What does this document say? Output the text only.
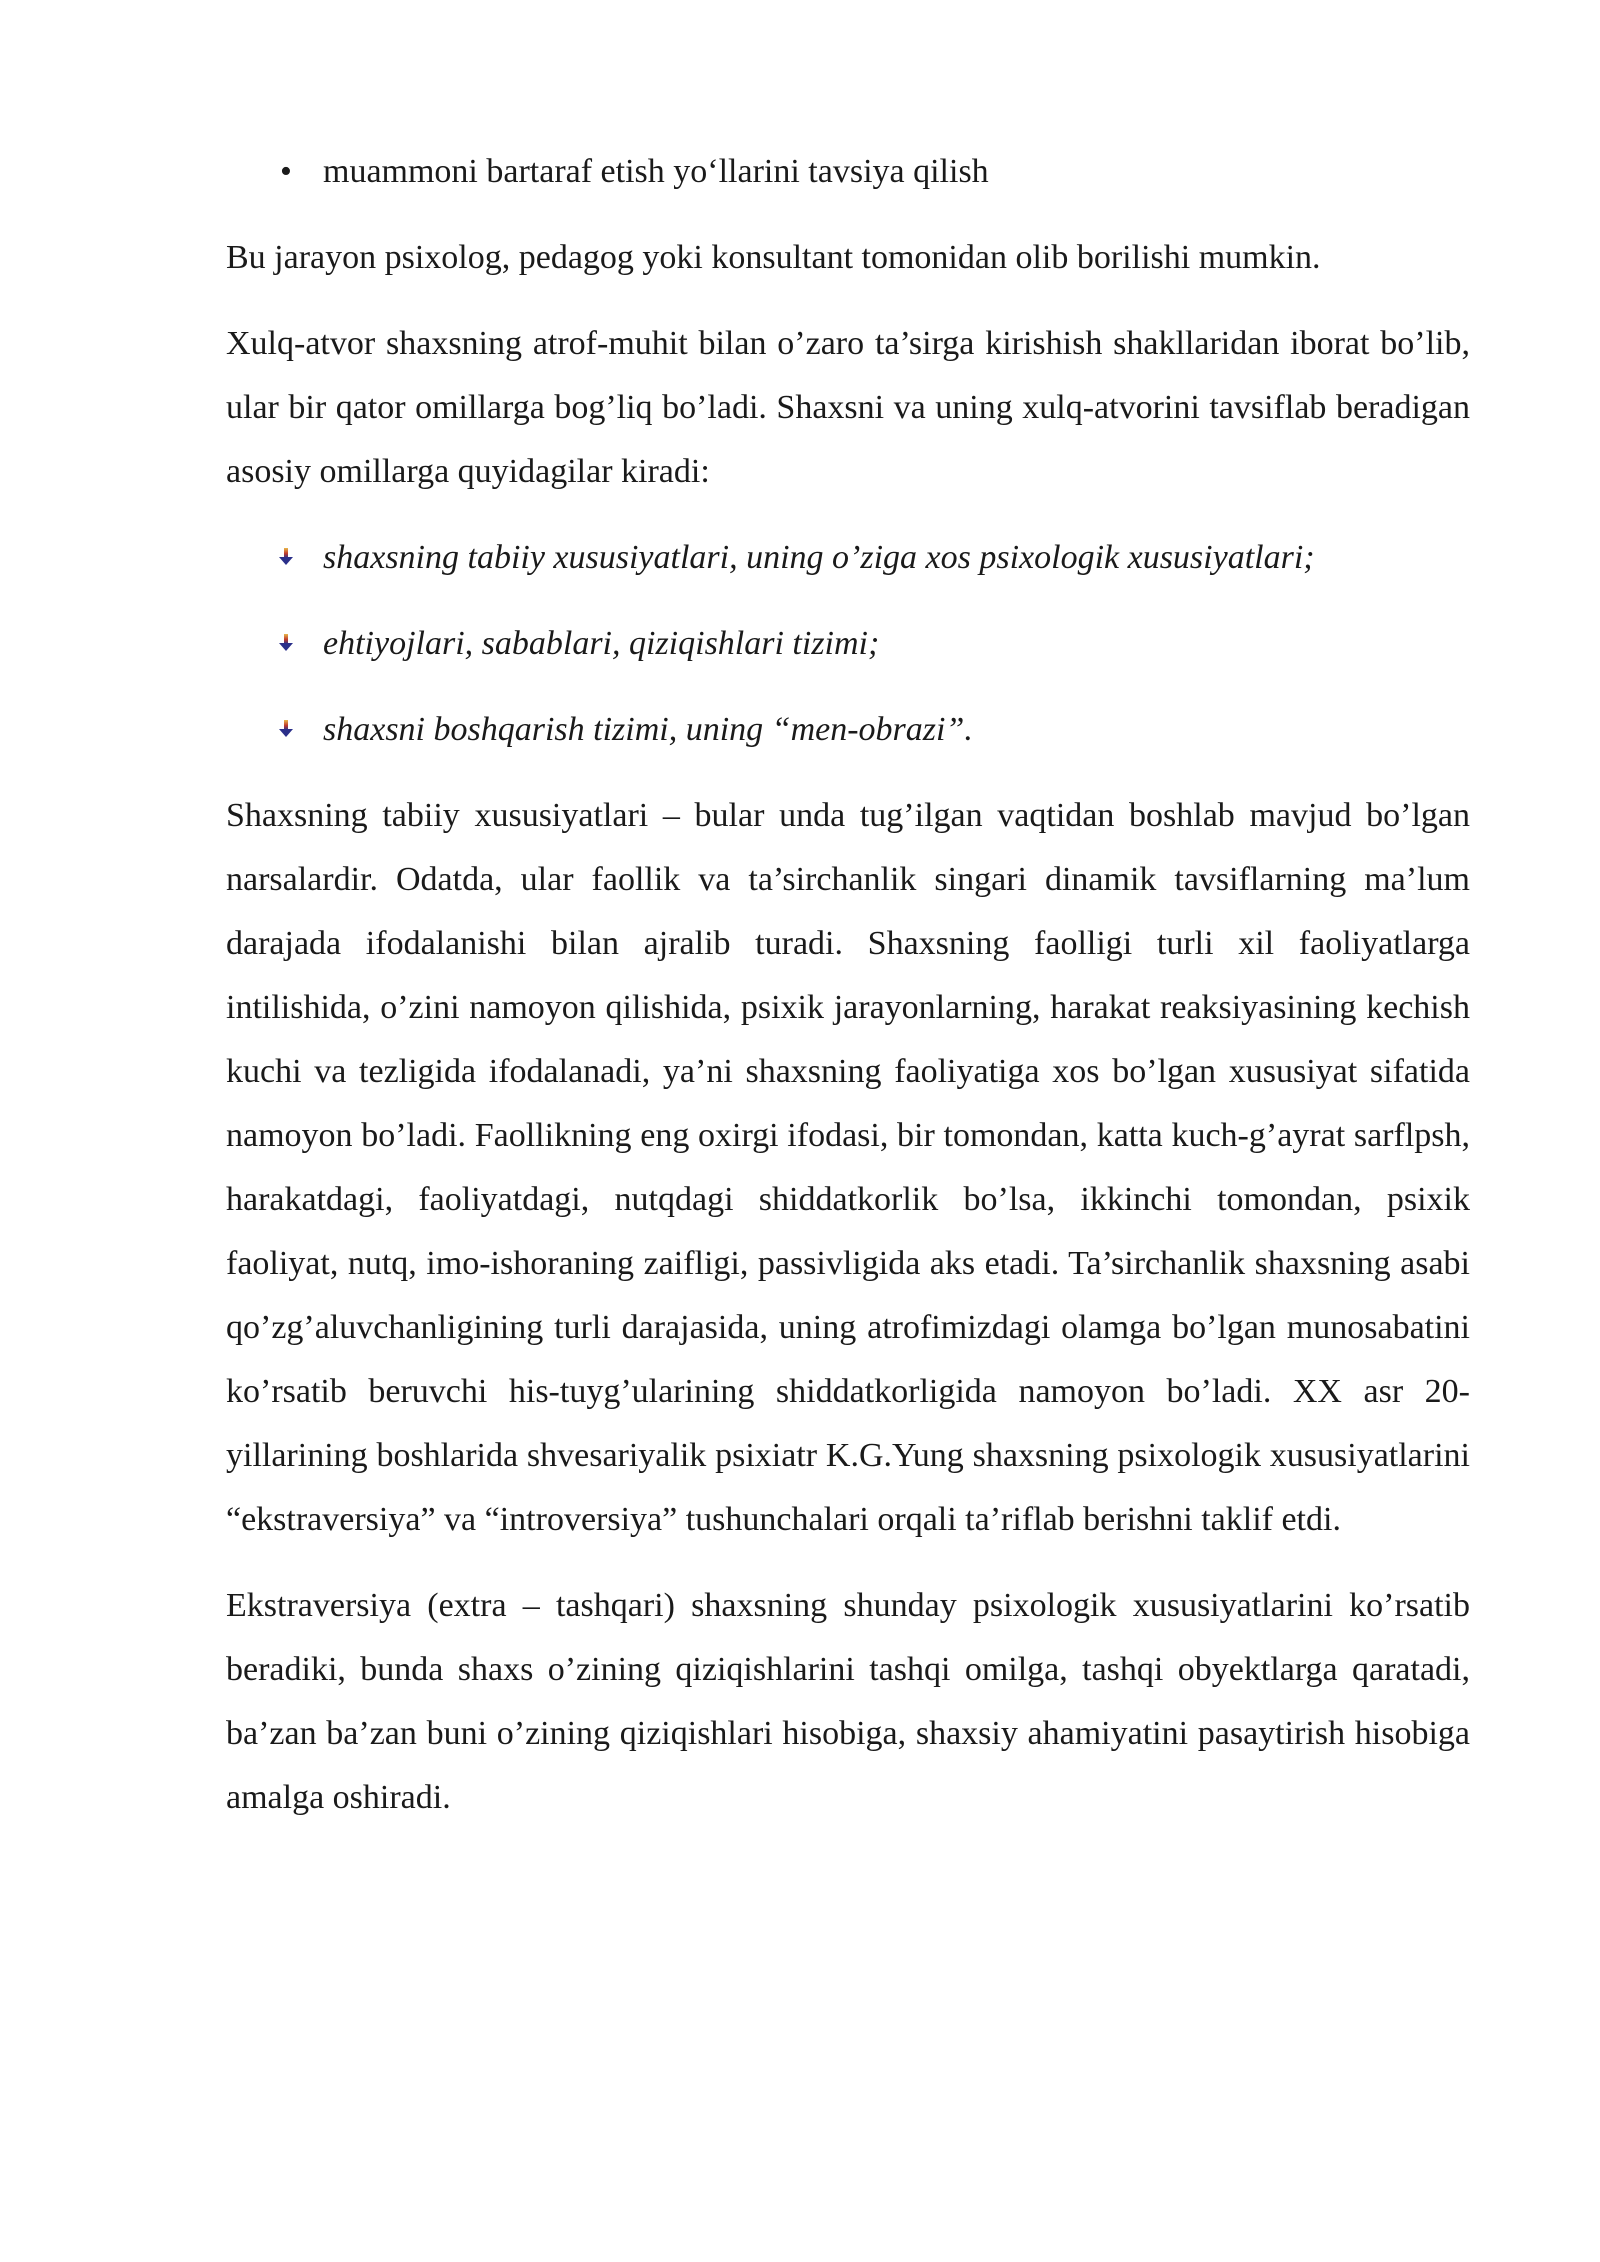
• muammoni bartaraf etish yo‘llarini tavsiya qilish

Bu jarayon psixolog, pedagog yoki konsultant tomonidan olib borilishi mumkin.

Xulq-atvor shaxsning atrof-muhit bilan o’zaro ta’sirga kirishish shakllaridan iborat bo’lib, ular bir qator omillarga bog’liq bo’ladi. Shaxsni va uning xulq-atvorini tavsiflab beradigan asosiy omillarga quyidagilar kiradi:

shaxsning tabiiy xususiyatlari, uning o’ziga xos psixologik xususiyatlari;
ehtiyojlari, sabablari, qiziqishlari tizimi;
shaxsni boshqarish tizimi, uning “men-obrazi”.

Shaxsning tabiiy xususiyatlari – bular unda tug’ilgan vaqtidan boshlab mavjud bo’lgan narsalardir. Odatda, ular faollik va ta’sirchanlik singari dinamik tavsiflarning ma’lum darajada ifodalanishi bilan ajralib turadi. Shaxsning faolligi turli xil faoliyatlarga intilishida, o’zini namoyon qilishida, psixik jarayonlarning, harakat reaksiyasining kechish kuchi va tezligida ifodalanadi, ya’ni shaxsning faoliyatiga xos bo’lgan xususiyat sifatida namoyon bo’ladi. Faollikning eng oxirgi ifodasi, bir tomondan, katta kuch-g’ayrat sarflpsh, harakatdagi, faoliyatdagi, nutqdagi shiddatkorlik bo’lsa, ikkinchi tomondan, psixik faoliyat, nutq, imo-ishoraning zaifligi, passivligida aks etadi. Ta’sirchanlik shaxsning asabi qo’zg’aluvchanligining turli darajasida, uning atrofimizdagi olamga bo’lgan munosabatini ko’rsatib beruvchi his-tuyg’ularining shiddatkorligida namoyon bo’ladi. XX asr 20-yillarining boshlarida shvesariyalik psixiatr K.G.Yung shaxsning psixologik xususiyatlarini “ekstraversiya” va “introversiya” tushunchalari orqali ta’riflab berishni taklif etdi.

Ekstraversiya (extra – tashqari) shaxsning shunday psixologik xususiyatlarini ko’rsatib beradiki, bunda shaxs o’zining qiziqishlarini tashqi omilga, tashqi obyektlarga qaratadi, ba’zan ba’zan buni o’zining qiziqishlari hisobiga, shaxsiy ahamiyatini pasaytirish hisobiga amalga oshiradi.
